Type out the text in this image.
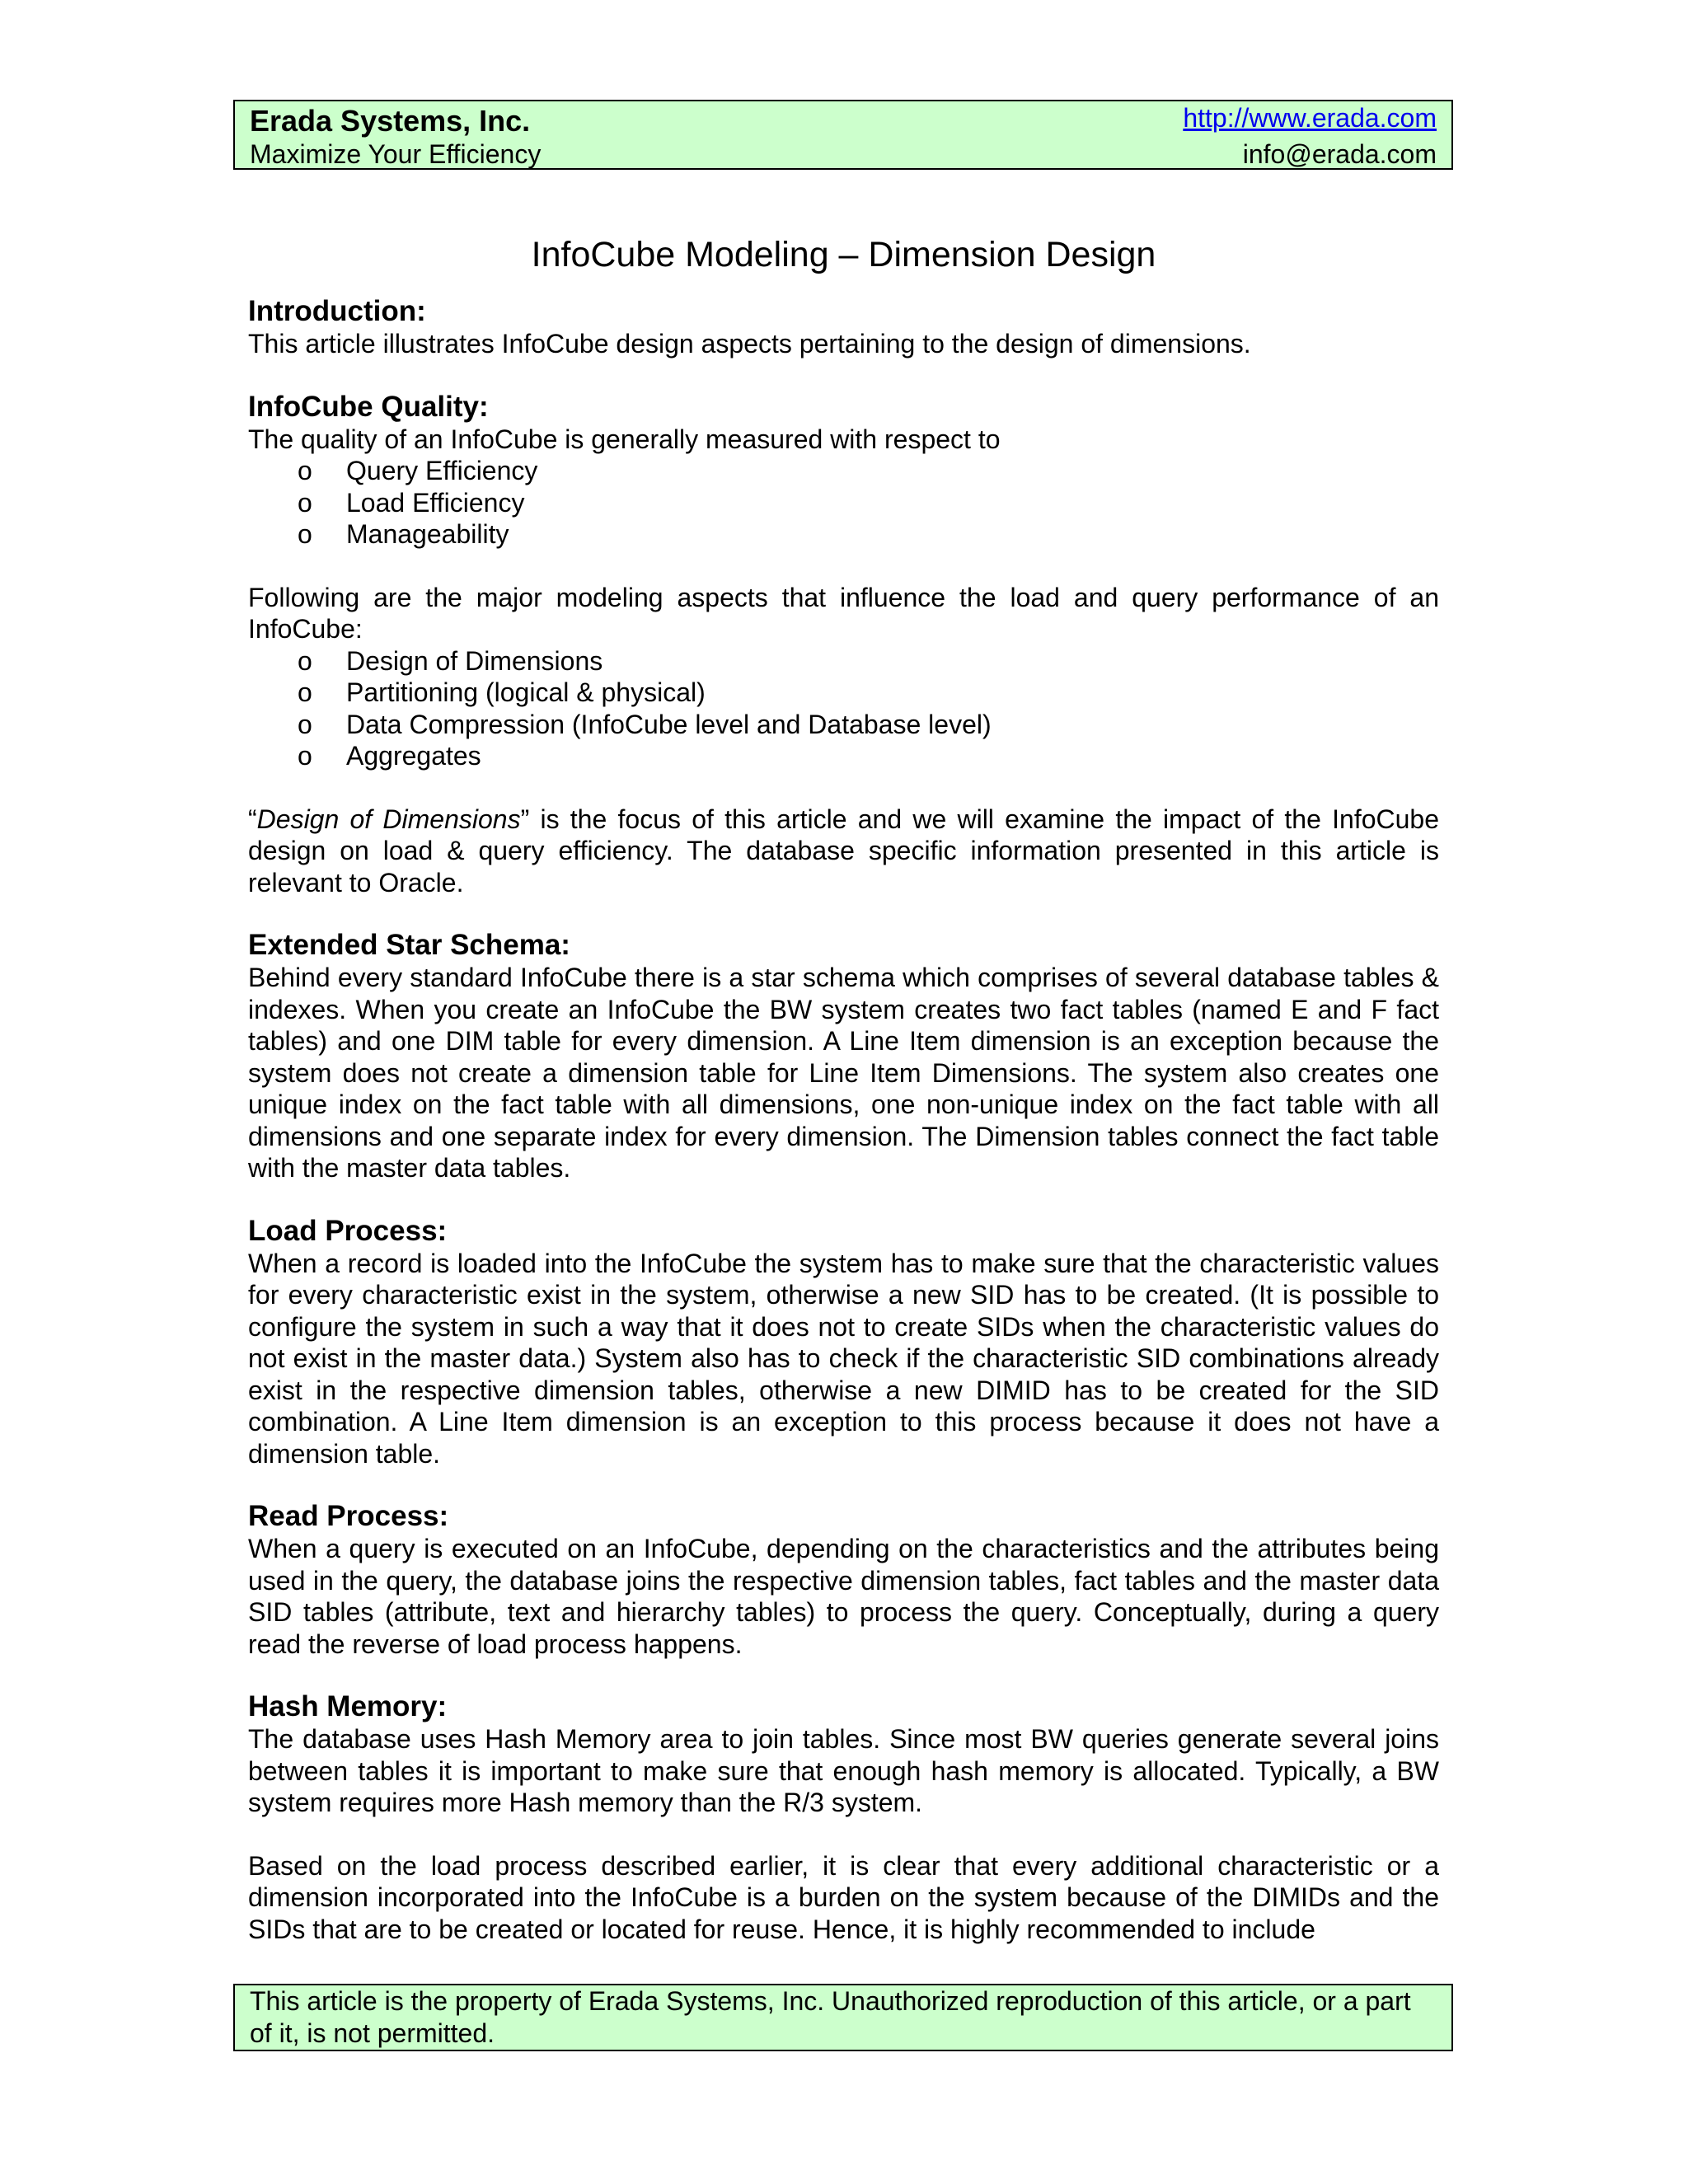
Erada Systems, Inc.
Maximize Your Efficiency
http://www.erada.com
info@erada.com
InfoCube Modeling – Dimension Design
Introduction:

This article illustrates InfoCube design aspects pertaining to the design of dimensions.

InfoCube Quality:

The quality of an InfoCube is generally measured with respect to

o Query Efficiency
o Load Efficiency
o Manageability

Following are the major modeling aspects that influence the load and query performance of an InfoCube:

o Design of Dimensions
o Partitioning (logical & physical)
o Data Compression (InfoCube level and Database level)
o Aggregates

“Design of Dimensions” is the focus of this article and we will examine the impact of the InfoCube design on load & query efficiency. The database specific information presented in this article is relevant to Oracle.

Extended Star Schema:

Behind every standard InfoCube there is a star schema which comprises of several database tables & indexes. When you create an InfoCube the BW system creates two fact tables (named E and F fact tables) and one DIM table for every dimension. A Line Item dimension is an exception because the system does not create a dimension table for Line Item Dimensions. The system also creates one unique index on the fact table with all dimensions, one non-unique index on the fact table with all dimensions and one separate index for every dimension. The Dimension tables connect the fact table with the master data tables.

Load Process:

When a record is loaded into the InfoCube the system has to make sure that the characteristic values for every characteristic exist in the system, otherwise a new SID has to be created. (It is possible to configure the system in such a way that it does not to create SIDs when the characteristic values do not exist in the master data.) System also has to check if the characteristic SID combinations already exist in the respective dimension tables, otherwise a new DIMID has to be created for the SID combination. A Line Item dimension is an exception to this process because it does not have a dimension table.

Read Process:

When a query is executed on an InfoCube, depending on the characteristics and the attributes being used in the query, the database joins the respective dimension tables, fact tables and the master data SID tables (attribute, text and hierarchy tables) to process the query. Conceptually, during a query read the reverse of load process happens.

Hash Memory:

The database uses Hash Memory area to join tables. Since most BW queries generate several joins between tables it is important to make sure that enough hash memory is allocated. Typically, a BW system requires more Hash memory than the R/3 system.

Based on the load process described earlier, it is clear that every additional characteristic or a dimension incorporated into the InfoCube is a burden on the system because of the DIMIDs and the SIDs that are to be created or located for reuse. Hence, it is highly recommended to include

This article is the property of Erada Systems, Inc. Unauthorized reproduction of this article, or a part of it, is not permitted.
